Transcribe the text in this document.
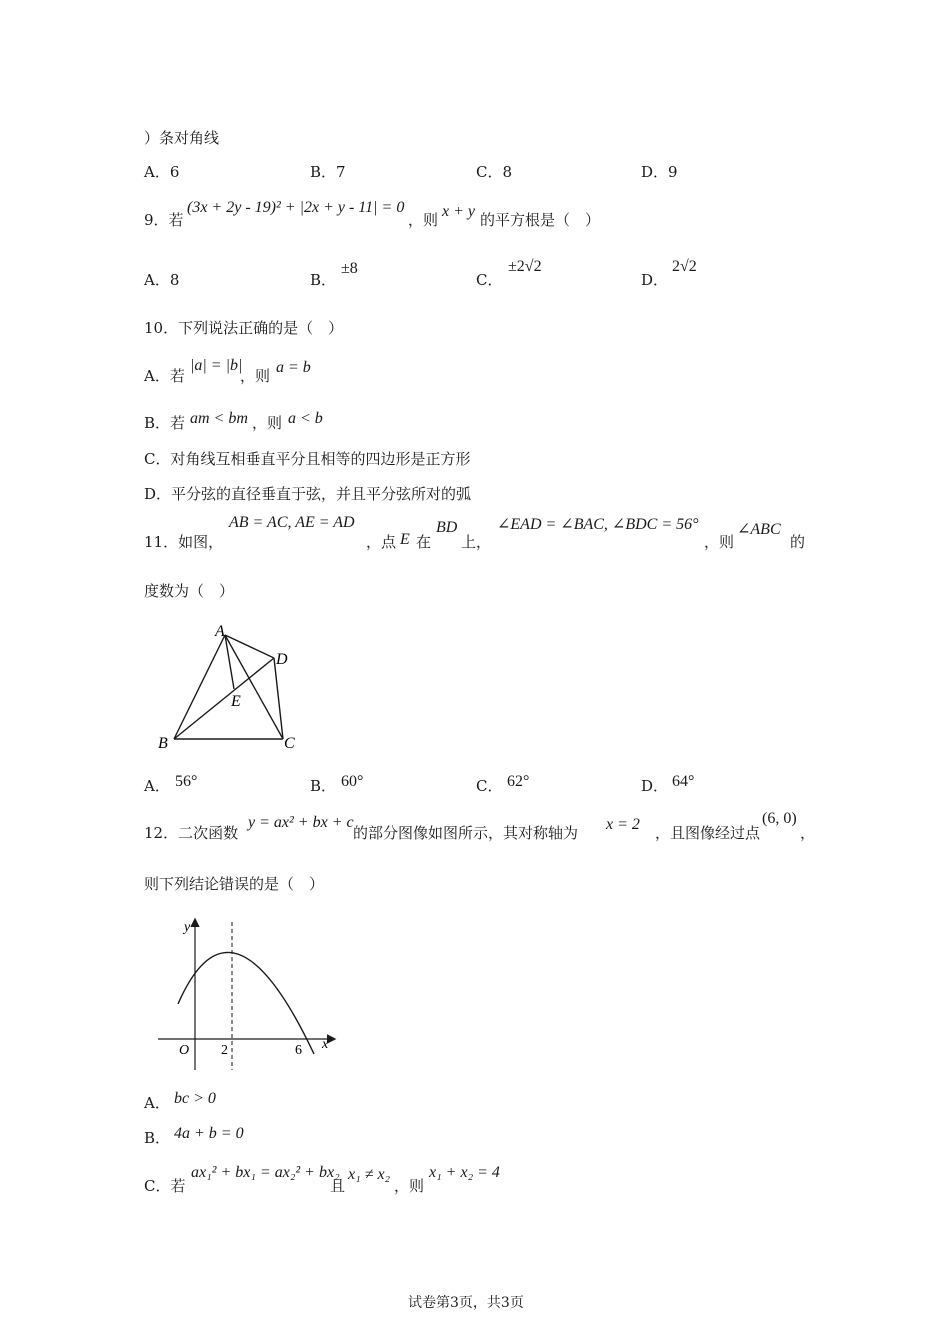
）条对角线
A．6	B．7	C．8	D．9
9．若
(3x + 2y - 19)² + |2x + y - 11| = 0
，则 x + y 的平方根是（　）
A．8	B．
±8
C．
±2√2
D．
2√2
10．下列说法正确的是（　）
A．若
|a| = |b|
，则 a = b
B．若 am < bm ，则 a < b
C．对角线互相垂直平分且相等的四边形是正方形
D．平分弦的直径垂直于弦，并且平分弦所对的弧
11．如图，
AB = AC, AE = AD
，点 E 在
BD
上，
∠EAD = ∠BAC, ∠BDC = 56°
，则
∠ABC
的
度数为（　）
A
D
E
B	C
A． 56°	B． 60°	C． 62°	D． 64°
12．二次函数
y = ax² + bx + c
的部分图像如图所示，其对称轴为 x = 2 ，且图像经过点
(6, 0)
，
则下列结论错误的是（　）
y
x
O 2	6
A． bc > 0
B． 4a + b = 0
C．若
ax₁² + bx₁ = ax₂² + bx₂
且
x₁ ≠ x₂
，则
x₁ + x₂ = 4
试卷第3页，共3页
